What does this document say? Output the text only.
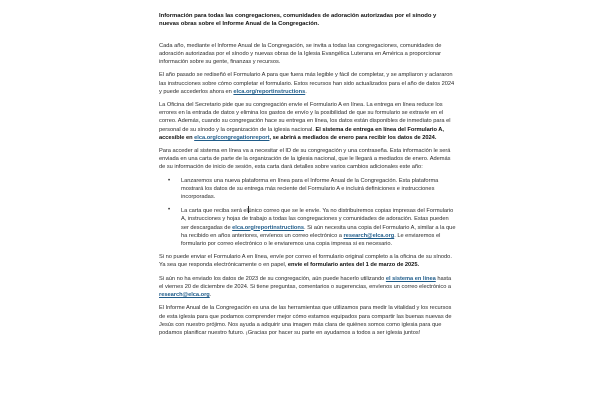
Información para todas las congregaciones, comunidades de adoración autorizadas por el sínodo y nuevas obras sobre el Informe Anual de la Congregación.

Cada año, mediante el Informe Anual de la Congregación, se invita a todas las congregaciones, comunidades de adoración autorizadas por el sínodo y nuevas obras de la Iglesia Evangélica Luterana en América a proporcionar información sobre su gente, finanzas y recursos.

El año pasado se rediseñó el Formulario A para que fuera más legible y fácil de completar, y se ampliaron y aclararon las instrucciones sobre cómo completar el formulario. Estos recursos han sido actualizados para el año de datos 2024 y puede accederlos ahora en elca.org/reportinstructions.

La Oficina del Secretario pide que su congregación envíe el Formulario A en línea. La entrega en línea reduce los errores en la entrada de datos y elimina los gastos de envío y la posibilidad de que su formulario se extravíe en el correo. Además, cuando su congregación hace su entrega en línea, los datos están disponibles de inmediato para el personal de su sínodo y la organización de la iglesia nacional. El sistema de entrega en línea del Formulario A, accesible en elca.org/congregationreport, se abrirá a mediados de enero para recibir los datos de 2024.

Para acceder al sistema en línea va a necesitar el ID de su congregación y una contraseña. Esta información le será enviada en una carta de parte de la organización de la iglesia nacional, que le llegará a mediados de enero. Además de su información de inicio de sesión, esta carta dará detalles sobre varios cambios adicionales este año:

• Lanzaremos una nueva plataforma en línea para el Informe Anual de la Congregación. Esta plataforma mostrará los datos de su entrega más reciente del Formulario A e incluirá definiciones e instrucciones incorporadas.
• La carta que reciba será elúnico correo que se le envíe. Ya no distribuiremos copias impresas del Formulario A, instrucciones y hojas de trabajo a todas las congregaciones y comunidades de adoración. Estas pueden ser descargadas de elca.org/reportinstructions. Si aún necesita una copia del Formulario A, similar a la que ha recibido en años anteriores, envíenos un correo electrónico a research@elca.org. Le enviaremos el formulario por correo electrónico o le enviaremos una copia impresa si es necesario.

Si no puede enviar el Formulario A en línea, envíe por correo el formulario original completo a la oficina de su sínodo. Ya sea que responda electrónicamente o en papel, envíe el formulario antes del 1 de marzo de 2025.

Si aún no ha enviado los datos de 2023 de su congregación, aún puede hacerlo utilizando el sistema en línea hasta el viernes 20 de diciembre de 2024. Si tiene preguntas, comentarios o sugerencias, envíenos un correo electrónico a research@elca.org.

El Informe Anual de la Congregación es una de las herramientas que utilizamos para medir la vitalidad y los recursos de esta iglesia para que podamos comprender mejor cómo estamos equipados para compartir las buenas nuevas de Jesús con nuestro prójimo. Nos ayuda a adquirir una imagen más clara de quiénes somos como iglesia para que podamos planificar nuestro futuro. ¡Gracias por hacer su parte en ayudarnos a todos a ser iglesia juntos!
